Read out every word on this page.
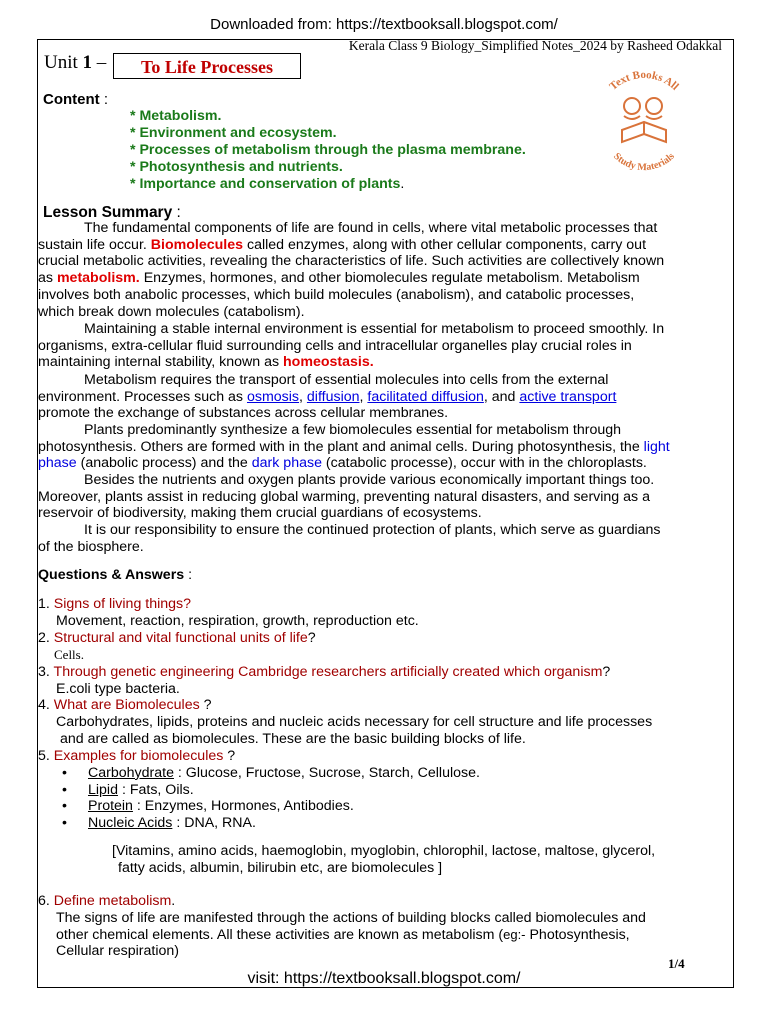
Downloaded from: https://textbooksall.blogspot.com/
Kerala Class 9 Biology_Simplified Notes_2024 by Rasheed Odakkal
Unit 1 –	To Life Processes
Text Books All
Study Materials
Content :
* Metabolism.
* Environment and ecosystem.
* Processes of metabolism through the plasma membrane.
* Photosynthesis and nutrients.
* Importance and conservation of plants.
Lesson Summary :
The fundamental components of life are found in cells, where vital metabolic processes that
sustain life occur. Biomolecules called enzymes, along with other cellular components, carry out
crucial metabolic activities, revealing the characteristics of life. Such activities are collectively known
as metabolism. Enzymes, hormones, and other biomolecules regulate metabolism. Metabolism
involves both anabolic processes, which build molecules (anabolism), and catabolic processes,
which break down molecules (catabolism).
Maintaining a stable internal environment is essential for metabolism to proceed smoothly. In
organisms, extra-cellular fluid surrounding cells and intracellular organelles play crucial roles in
maintaining internal stability, known as homeostasis.
Metabolism requires the transport of essential molecules into cells from the external
environment. Processes such as osmosis, diffusion, facilitated diffusion, and active transport
promote the exchange of substances across cellular membranes.
Plants predominantly synthesize a few biomolecules essential for metabolism through
photosynthesis. Others are formed with in the plant and animal cells. During photosynthesis, the light
phase (anabolic process) and the dark phase (catabolic processe), occur with in the chloroplasts.
Besides the nutrients and oxygen plants provide various economically important things too.
Moreover, plants assist in reducing global warming, preventing natural disasters, and serving as a
reservoir of biodiversity, making them crucial guardians of ecosystems.
It is our responsibility to ensure the continued protection of plants, which serve as guardians
of the biosphere.
Questions & Answers :
1. Signs of living things?
Movement, reaction, respiration, growth, reproduction etc.
2. Structural and vital functional units of life?
Cells.
3. Through genetic engineering Cambridge researchers artificially created which organism?
E.coli type bacteria.
4. What are Biomolecules ?
Carbohydrates, lipids, proteins and nucleic acids necessary for cell structure and life processes
and are called as biomolecules. These are the basic building blocks of life.
5. Examples for biomolecules ?
• Carbohydrate : Glucose, Fructose, Sucrose, Starch, Cellulose.
• Lipid : Fats, Oils.
• Protein : Enzymes, Hormones, Antibodies.
• Nucleic Acids : DNA, RNA.
[Vitamins, amino acids, haemoglobin, myoglobin, chlorophil, lactose, maltose, glycerol,
fatty acids, albumin, bilirubin etc, are biomolecules ]
6. Define metabolism.
The signs of life are manifested through the actions of building blocks called biomolecules and
other chemical elements. All these activities are known as metabolism (eg:- Photosynthesis,
Cellular respiration)
1/4
visit: https://textbooksall.blogspot.com/
